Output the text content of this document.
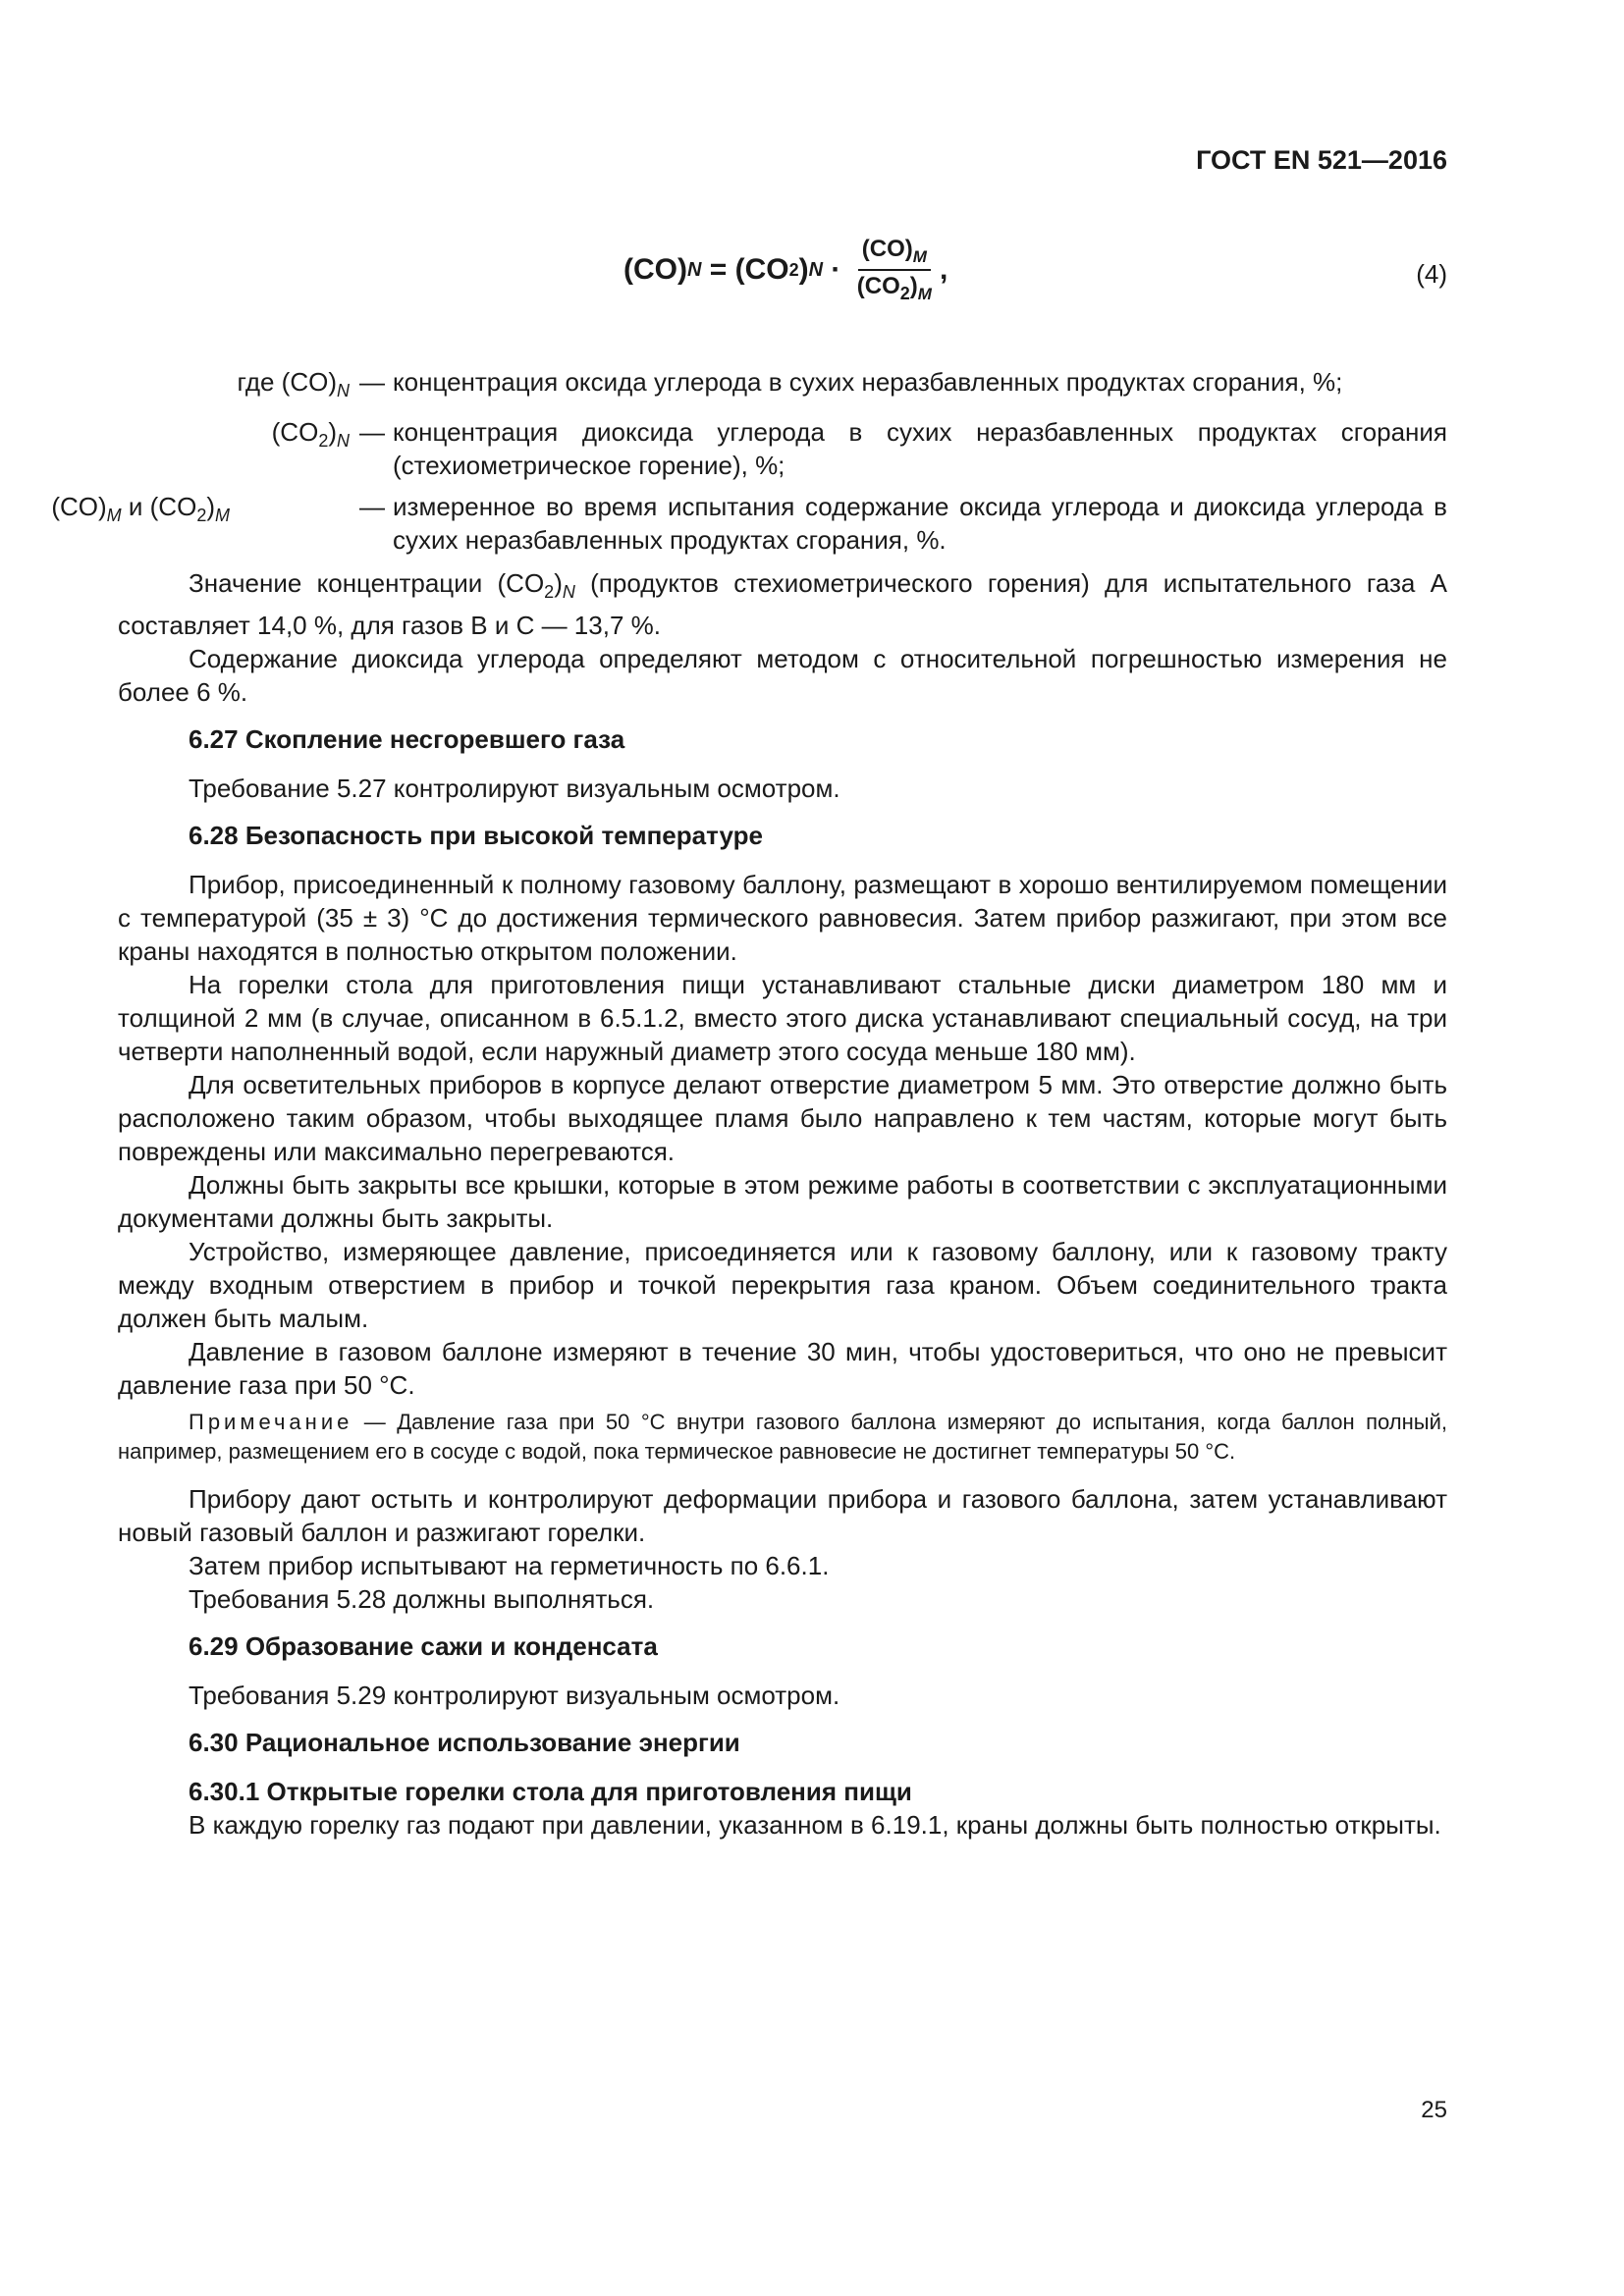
ГОСТ EN 521—2016
(CO) N = (CO 2 ) $N \cdot \frac{(CO)_M}{(CO_2)_M}$ ,	(4)
где $(CO)_N$ — концентрация оксида углерода в сухих неразбавленных продуктах сгорания, %;
$(CO_2)_N$ — концентрация диоксида углерода в сухих неразбавленных продуктах сгорания (стехиометрическое горение), %;
$(CO)_M$ и $(CO_2)_M$	— измеренное во время испытания содержание оксида углерода и диоксида углерода в сухих неразбавленных продуктах сгорания, %.

Значение концентрации $(CO_2)_N$ (продуктов стехиометрического горения) для испытательного газа А составляет 14,0 %, для газов В и С — 13,7 %.

Содержание диоксида углерода определяют методом с относительной погрешностью измерения не более 6 %.

6.27 Скопление несгоревшего газа

Требование 5.27 контролируют визуальным осмотром.

6.28 Безопасность при высокой температуре

Прибор, присоединенный к полному газовому баллону, размещают в хорошо вентилируемом помещении с температурой (35 ± 3) °С до достижения термического равновесия. Затем прибор разжигают, при этом все краны находятся в полностью открытом положении.

На горелки стола для приготовления пищи устанавливают стальные диски диаметром 180 мм и толщиной 2 мм (в случае, описанном в 6.5.1.2, вместо этого диска устанавливают специальный сосуд, на три четверти наполненный водой, если наружный диаметр этого сосуда меньше 180 мм).

Для осветительных приборов в корпусе делают отверстие диаметром 5 мм. Это отверстие должно быть расположено таким образом, чтобы выходящее пламя было направлено к тем частям, которые могут быть повреждены или максимально перегреваются.

Должны быть закрыты все крышки, которые в этом режиме работы в соответствии с эксплуатационными документами должны быть закрыты.

Устройство, измеряющее давление, присоединяется или к газовому баллону, или к газовому тракту между входным отверстием в прибор и точкой перекрытия газа краном. Объем соединительного тракта должен быть малым.

Давление в газовом баллоне измеряют в течение 30 мин, чтобы удостовериться, что оно не превысит давление газа при 50 °С.

Примечание — Давление газа при 50 °С внутри газового баллона измеряют до испытания, когда баллон полный, например, размещением его в сосуде с водой, пока термическое равновесие не достигнет температуры 50 °С.

Прибору дают остыть и контролируют деформации прибора и газового баллона, затем устанавливают новый газовый баллон и разжигают горелки.

Затем прибор испытывают на герметичность по 6.6.1.

Требования 5.28 должны выполняться.

6.29 Образование сажи и конденсата

Требования 5.29 контролируют визуальным осмотром.

6.30 Рациональное использование энергии
6.30.1 Открытые горелки стола для приготовления пищи

В каждую горелку газ подают при давлении, указанном в 6.19.1, краны должны быть полностью открыты.

25
